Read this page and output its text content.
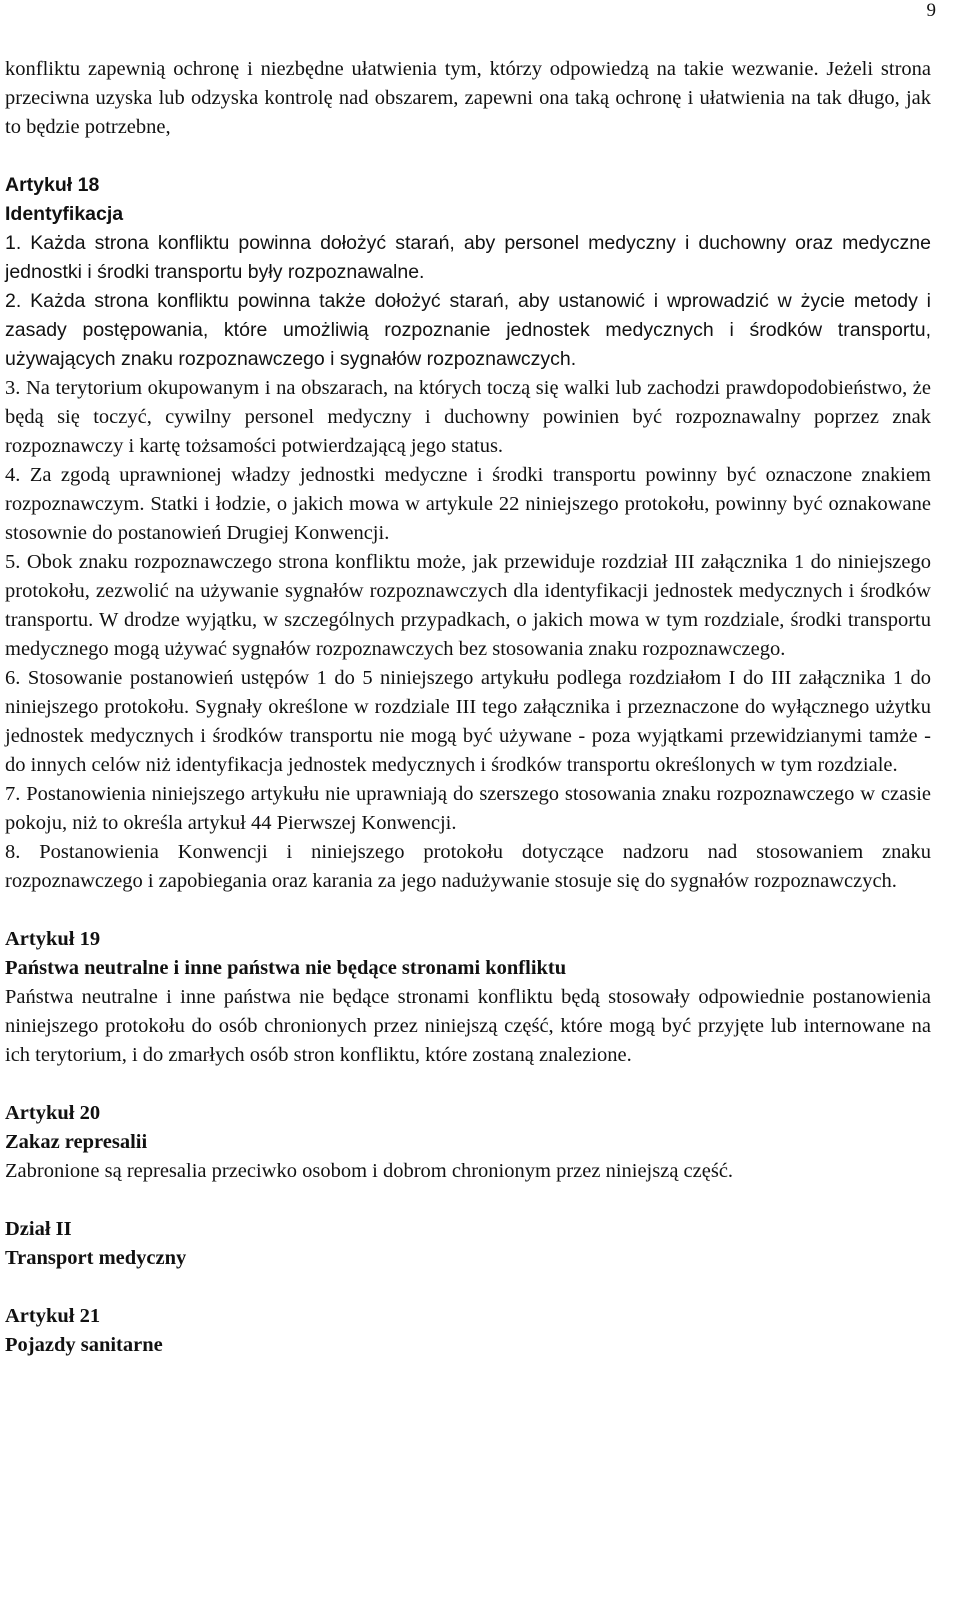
9

konfliktu zapewnią ochronę i niezbędne ułatwienia tym, którzy odpowiedzą na takie wezwanie. Jeżeli strona przeciwna uzyska lub odzyska kontrolę nad obszarem, zapewni ona taką ochronę i ułatwienia na tak długo, jak to będzie potrzebne,

Artykuł 18

Identyfikacja

1. Każda strona konfliktu powinna dołożyć starań, aby personel medyczny i duchowny oraz medyczne jednostki i środki transportu były rozpoznawalne.

2. Każda strona konfliktu powinna także dołożyć starań, aby ustanowić i wprowadzić w życie metody i zasady postępowania, które umożliwią rozpoznanie jednostek medycznych i środków transportu, używających znaku rozpoznawczego i sygnałów rozpoznawczych.

3. Na terytorium okupowanym i na obszarach, na których toczą się walki lub zachodzi prawdopodobieństwo, że będą się toczyć, cywilny personel medyczny i duchowny powinien być rozpoznawalny poprzez znak rozpoznawczy i kartę tożsamości potwierdzającą jego status.

4. Za zgodą uprawnionej władzy jednostki medyczne i środki transportu powinny być oznaczone znakiem rozpoznawczym. Statki i łodzie, o jakich mowa w artykule 22 niniejszego protokołu, powinny być oznakowane stosownie do postanowień Drugiej Konwencji.

5. Obok znaku rozpoznawczego strona konfliktu może, jak przewiduje rozdział III załącznika 1 do niniejszego protokołu, zezwolić na używanie sygnałów rozpoznawczych dla identyfikacji jednostek medycznych i środków transportu. W drodze wyjątku, w szczególnych przypadkach, o jakich mowa w tym rozdziale, środki transportu medycznego mogą używać sygnałów rozpoznawczych bez stosowania znaku rozpoznawczego.

6. Stosowanie postanowień ustępów 1 do 5 niniejszego artykułu podlega rozdziałom I do III załącznika 1 do niniejszego protokołu. Sygnały określone w rozdziale III tego załącznika i przeznaczone do wyłącznego użytku jednostek medycznych i środków transportu nie mogą być używane - poza wyjątkami przewidzianymi tamże - do innych celów niż identyfikacja jednostek medycznych i środków transportu określonych w tym rozdziale.

7. Postanowienia niniejszego artykułu nie uprawniają do szerszego stosowania znaku rozpoznawczego w czasie pokoju, niż to określa artykuł 44 Pierwszej Konwencji.

8. Postanowienia Konwencji i niniejszego protokołu dotyczące nadzoru nad stosowaniem znaku rozpoznawczego i zapobiegania oraz karania za jego nadużywanie stosuje się do sygnałów rozpoznawczych.

Artykuł 19

Państwa neutralne i inne państwa nie będące stronami konfliktu

Państwa neutralne i inne państwa nie będące stronami konfliktu będą stosowały odpowiednie postanowienia niniejszego protokołu do osób chronionych przez niniejszą część, które mogą być przyjęte lub internowane na ich terytorium, i do zmarłych osób stron konfliktu, które zostaną znalezione.

Artykuł 20

Zakaz represalii

Zabronione są represalia przeciwko osobom i dobrom chronionym przez niniejszą część.

Dział II

Transport medyczny

Artykuł 21

Pojazdy sanitarne
